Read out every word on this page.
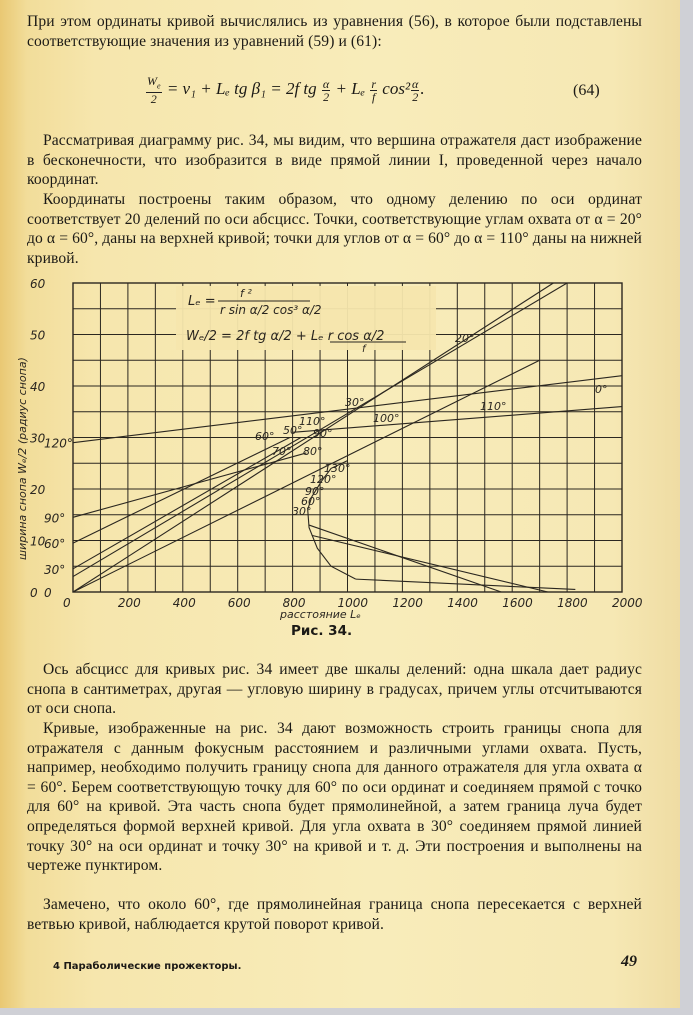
При этом ординаты кривой вычислялись из уравнения (56), в которое были подставлены соответствующие значения из уравнений (59) и (61):
$\frac{W_e}{2} = v_1 + L_e$ tg β₁ = 2f tg $\frac{\alpha}{2} + L_e \frac{r}{f} \cos^2 \frac{\alpha}{2}$ .	(64)
Рассматривая диаграмму рис. 34, мы видим, что вершина отражателя даст изображение в бесконечности, что изобразится в виде прямой линии I, проведенной через начало координат.
Координаты построены таким образом, что одному делению по оси ординат соответствует 20 делений по оси абсцисс. Точки, соответствующие углам охвата от α = 20° до α = 60°, даны на верхней кривой; точки для углов от α = 60° до α = 110° даны на нижней кривой.
Lₑ =
f ²
r sin α/2 cos³ α/2
Wₑ/2 = 2f tg α/2 + Lₑ r cos α/2
f
0	200	400	600	800	1000 1200 1400 1600 1800 2000
0
10
20
30
40
50
60
0
30°
60°
90°
120°
20°
30°	110°
100°
90°
0°
60° 50°
110°
80°
70°
130°
120°
90°
60°
30°
расстояние Lₑ
ширина снопа Wₑ/2 (радиус снопа)
Рис. 34.
Ось абсцисс для кривых рис. 34 имеет две шкалы делений: одна шкала дает радиус снопа в сантиметрах, другая — угловую ширину в градусах, причем углы отсчитываются от оси снопа.
Кривые, изображенные на рис. 34 дают возможность строить границы снопа для отражателя с данным фокусным расстоянием и различными углами охвата. Пусть, например, необходимо получить границу снопа для данного отражателя для угла охвата α = 60°. Берем соответствующую точку для 60° по оси ординат и соединяем прямой с точко для 60° на кривой. Эта часть снопа будет прямолинейной, а затем граница луча будет определяться формой верхней кривой. Для угла охвата в 30° соединяем прямой линией точку 30° на оси ординат и точку 30° на кривой и т. д. Эти построения и выполнены на чертеже пунктиром.
Замечено, что около 60°, где прямолинейная граница снопа пересекается с верхней ветвью кривой, наблюдается крутой поворот кривой.
4 Параболические прожекторы.	49
